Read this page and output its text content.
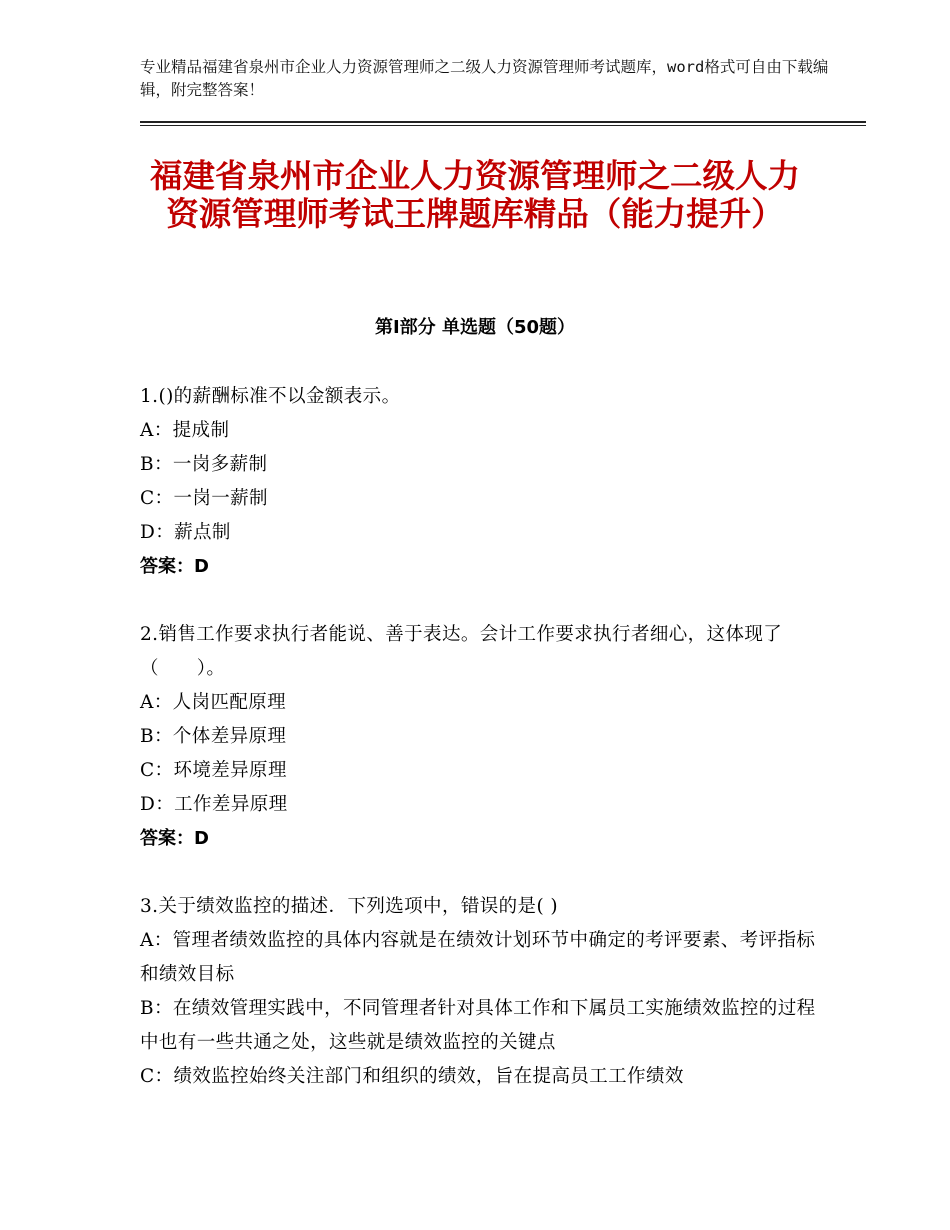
专业精品福建省泉州市企业人力资源管理师之二级人力资源管理师考试题库，word格式可自由下载编辑，附完整答案！
福建省泉州市企业人力资源管理师之二级人力资源管理师考试王牌题库精品（能力提升）
第Ⅰ部分 单选题（50题）
1.()的薪酬标准不以金额表示。
A：提成制
B：一岗多薪制
C：一岗一薪制
D：薪点制
答案：D
2.销售工作要求执行者能说、善于表达。会计工作要求执行者细心，这体现了（　　）。
A：人岗匹配原理
B：个体差异原理
C：环境差异原理
D：工作差异原理
答案：D
3.关于绩效监控的描述．下列选项中，错误的是( )
A：管理者绩效监控的具体内容就是在绩效计划环节中确定的考评要素、考评指标和绩效目标
B：在绩效管理实践中，不同管理者针对具体工作和下属员工实施绩效监控的过程中也有一些共通之处，这些就是绩效监控的关键点
C：绩效监控始终关注部门和组织的绩效，旨在提高员工工作绩效
